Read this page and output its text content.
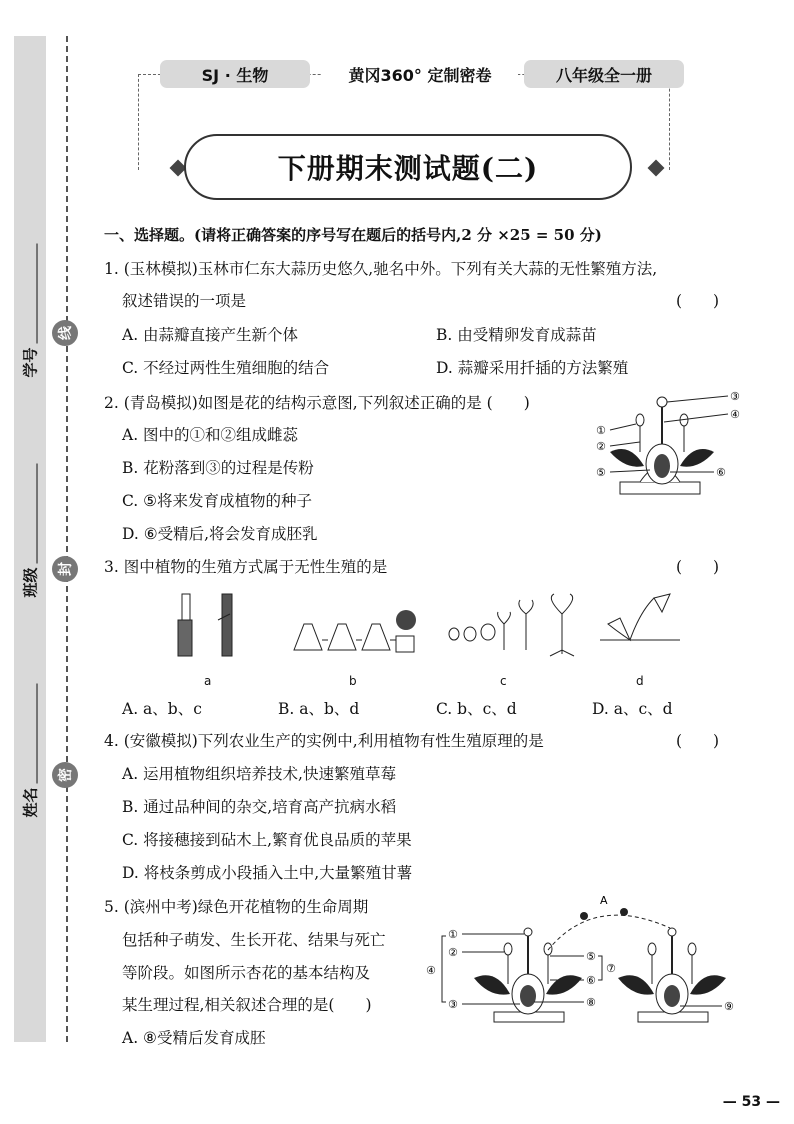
线
封
密
学号
班级
姓名
SJ · 生物	黄冈360° 定制密卷	八年级全一册
下册期末测试题(二)
一、选择题。(请将正确答案的序号写在题后的括号内,2 分 ×25 = 50 分)
1. (玉林模拟)玉林市仁东大蒜历史悠久,驰名中外。下列有关大蒜的无性繁殖方法,
叙述错误的一项是	(　　)
A. 由蒜瓣直接产生新个体	B. 由受精卵发育成蒜苗
C. 不经过两性生殖细胞的结合	D. 蒜瓣采用扦插的方法繁殖
2. (青岛模拟)如图是花的结构示意图,下列叙述正确的是 (　　)
A. 图中的①和②组成雌蕊
B. 花粉落到③的过程是传粉
C. ⑤将来发育成植物的种子
D. ⑥受精后,将会发育成胚乳
③
④
①
②
⑤	⑥
3. 图中植物的生殖方式属于无性生殖的是	(　　)
a	b	c	d
A. a、b、c	B. a、b、d	C. b、c、d	D. a、c、d
4. (安徽模拟)下列农业生产的实例中,利用植物有性生殖原理的是	(　　)
A. 运用植物组织培养技术,快速繁殖草莓
B. 通过品种间的杂交,培育高产抗病水稻
C. 将接穗接到砧木上,繁育优良品质的苹果
D. 将枝条剪成小段插入土中,大量繁殖甘薯
5. (滨州中考)绿色开花植物的生命周期
包括种子萌发、生长开花、结果与死亡
等阶段。如图所示杏花的基本结构及
某生理过程,相关叙述合理的是(　　)
A. ⑧受精后发育成胚
A
①
②
④
③
⑤
⑦
⑥
⑧	⑨
— 53 —
